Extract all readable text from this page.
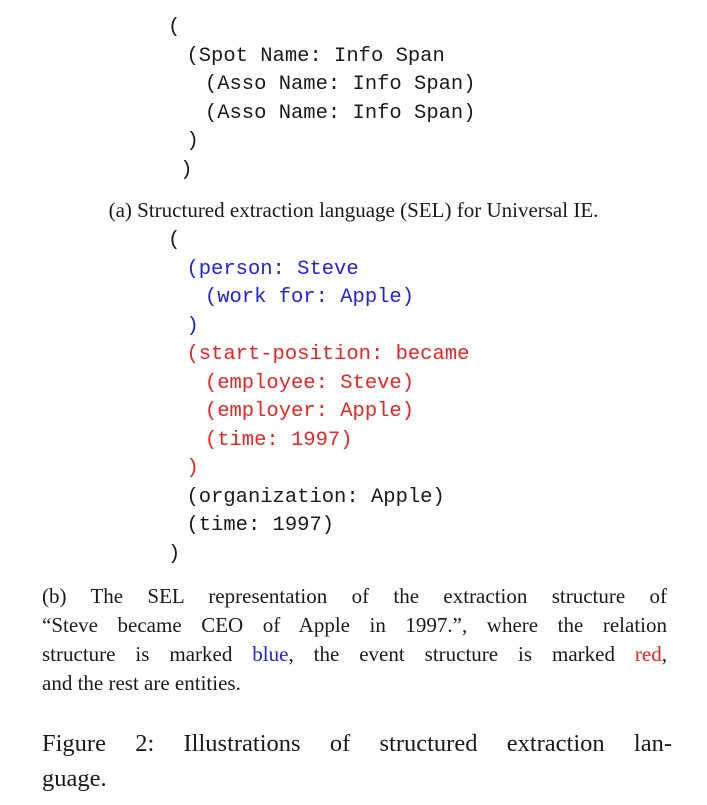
(
(Spot Name: Info Span
(Asso Name: Info Span)
(Asso Name: Info Span)
)
)
(a) Structured extraction language (SEL) for Universal IE.
(
(person: Steve
(work for: Apple)
)
(start-position: became
(employee: Steve)
(employer: Apple)
(time: 1997)
)
(organization: Apple)
(time: 1997)
)
(b) The SEL representation of the extraction structure of
“Steve became CEO of Apple in 1997.”, where the relation
structure is marked blue, the event structure is marked red,
and the rest are entities.
Figure 2: Illustrations of structured extraction lan-
guage.
